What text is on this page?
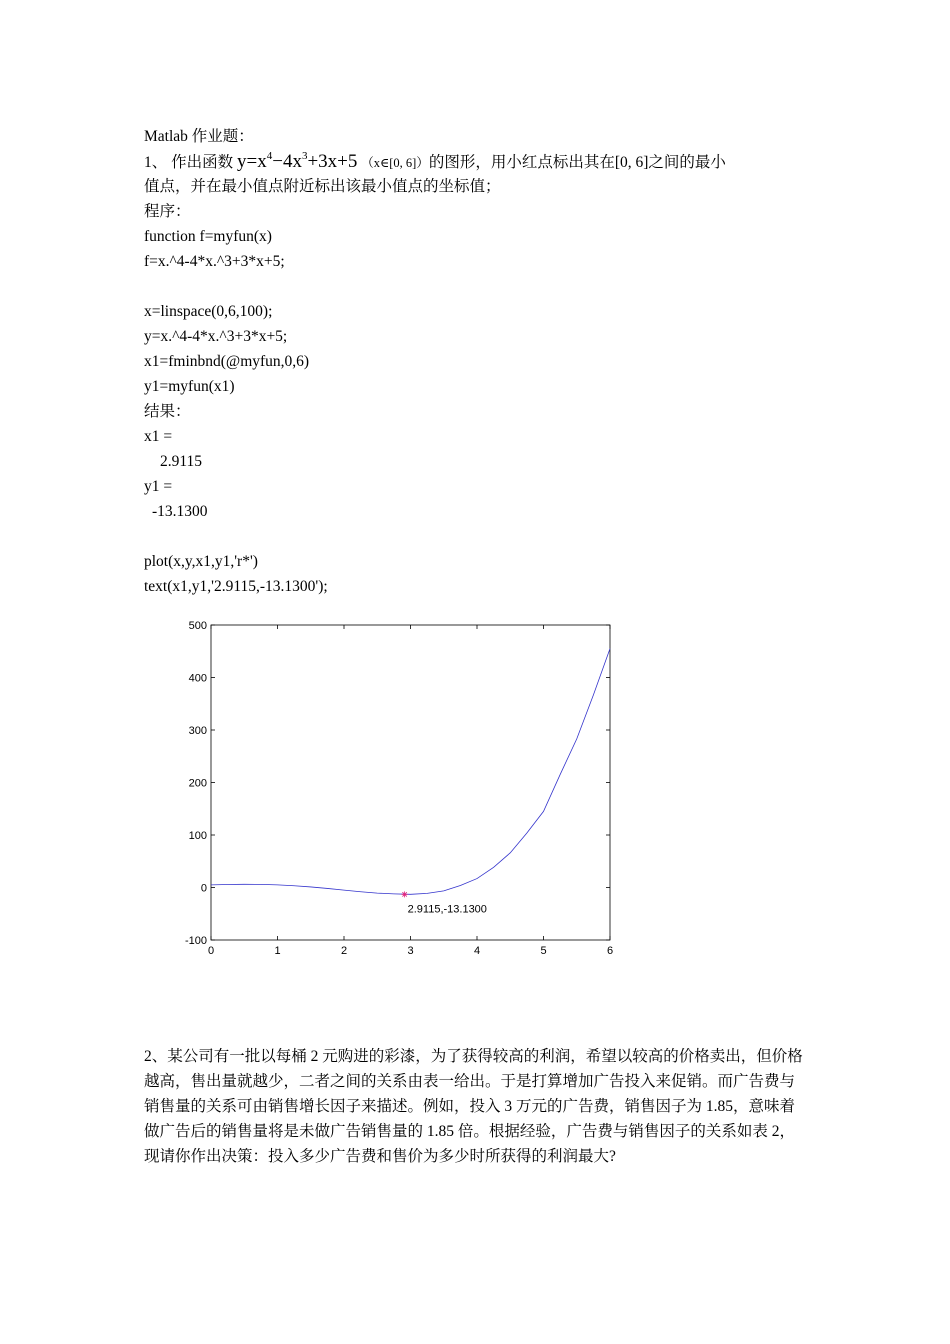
Matlab 作业题：
1、 作出函数 $y=x^4-4x^3+3x+5$ （x∈[0, 6]）的图形，用小红点标出其在[0, 6]之间的最小
值点，并在最小值点附近标出该最小值点的坐标值；
程序：
function f=myfun(x)
f=x.^4-4*x.^3+3*x+5;
x=linspace(0,6,100);
y=x.^4-4*x.^3+3*x+5;
x1=fminbnd(@myfun,0,6)
y1=myfun(x1)
结果：
x1 =
2.9115
y1 =
-13.1300
plot(x,y,x1,y1,'r*')
text(x1,y1,'2.9115,-13.1300');
0	1	2	3	4	5	6
500
400
300
200
100
0
-100
2.9115,-13.1300
2、某公司有一批以每桶 2 元购进的彩漆，为了获得较高的利润，希望以较高的价格卖出，但价格越高，售出量就越少，二者之间的关系由表一给出。于是打算增加广告投入来促销。而广告费与销售量的关系可由销售增长因子来描述。例如，投入 3 万元的广告费，销售因子为 1.85，意味着做广告后的销售量将是未做广告销售量的 1.85 倍。根据经验，广告费与销售因子的关系如表 2，现请你作出决策：投入多少广告费和售价为多少时所获得的利润最大?
